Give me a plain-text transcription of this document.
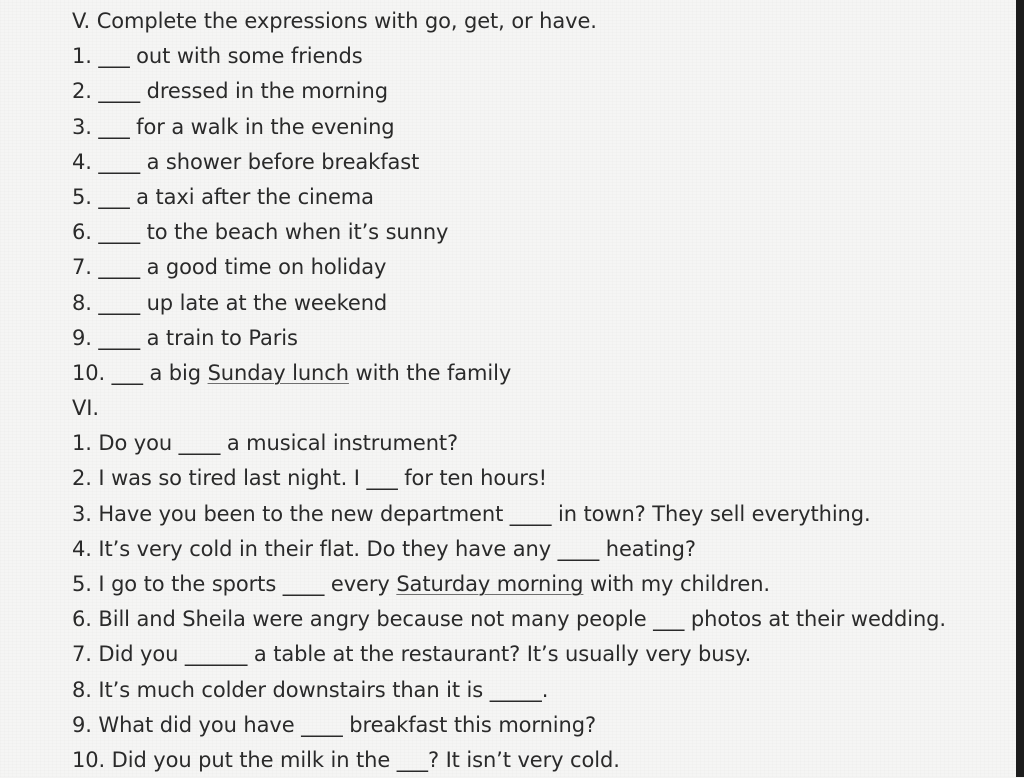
V. Complete the expressions with go, get, or have.
1. ___ out with some friends
2. ____ dressed in the morning
3. ___ for a walk in the evening
4. ____ a shower before breakfast
5. ___ a taxi after the cinema
6. ____ to the beach when it’s sunny
7. ____ a good time on holiday
8. ____ up late at the weekend
9. ____ a train to Paris
10. ___ a big Sunday lunch with the family
VI.
1. Do you ____ a musical instrument?
2. I was so tired last night. I ___ for ten hours!
3. Have you been to the new department ____ in town? They sell everything.
4. It’s very cold in their flat. Do they have any ____ heating?
5. I go to the sports ____ every Saturday morning with my children.
6. Bill and Sheila were angry because not many people ___ photos at their wedding.
7. Did you ______ a table at the restaurant? It’s usually very busy.
8. It’s much colder downstairs than it is _____.
9. What did you have ____ breakfast this morning?
10. Did you put the milk in the ___? It isn’t very cold.
